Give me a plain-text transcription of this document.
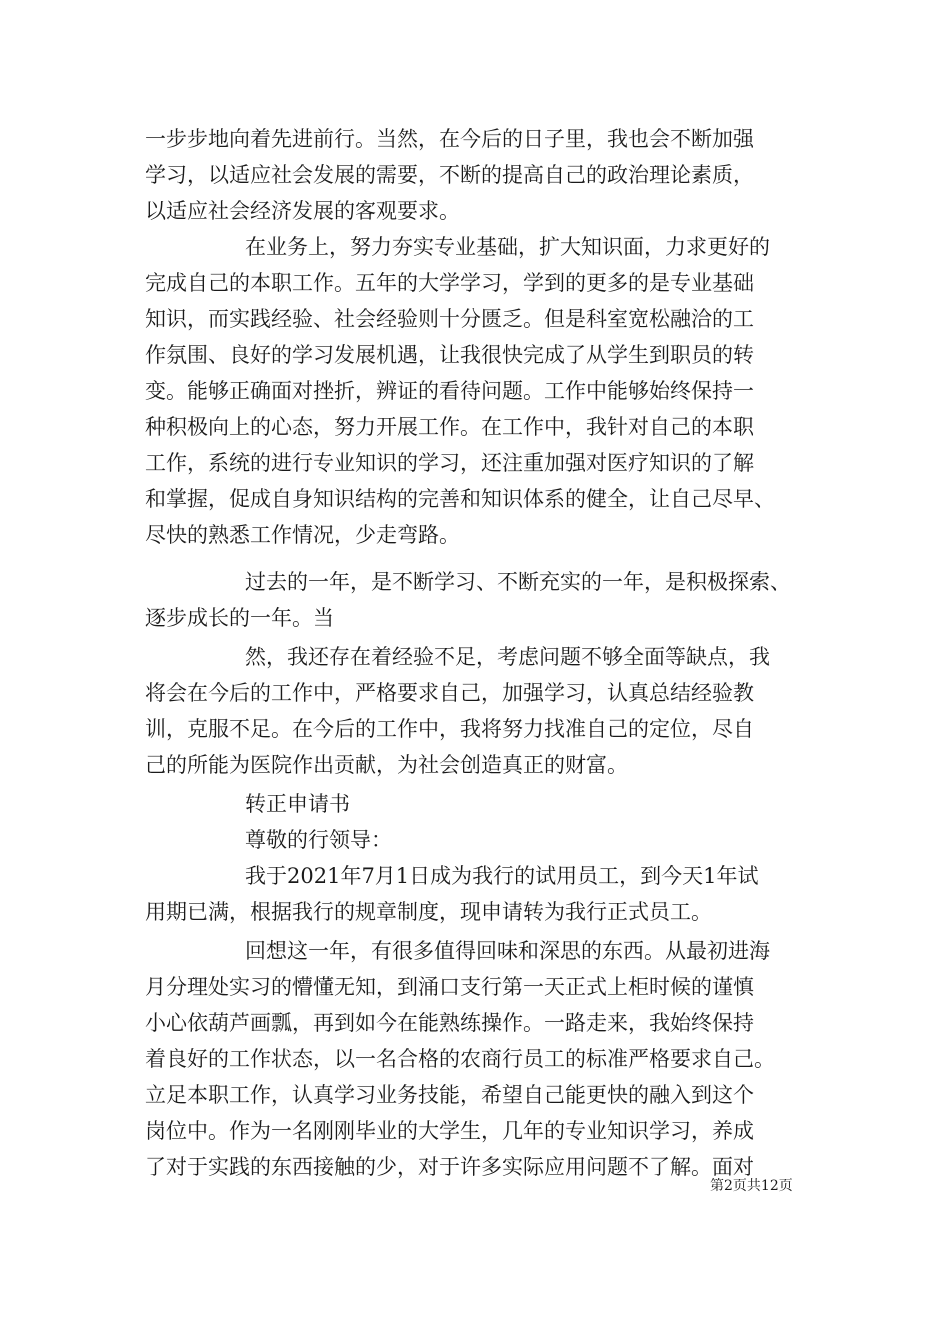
一步步地向着先进前行。当然，在今后的日子里，我也会不断加强
学习，以适应社会发展的需要，不断的提高自己的政治理论素质，
以适应社会经济发展的客观要求。
在业务上，努力夯实专业基础，扩大知识面，力求更好的
完成自己的本职工作。五年的大学学习，学到的更多的是专业基础
知识，而实践经验、社会经验则十分匮乏。但是科室宽松融洽的工
作氛围、良好的学习发展机遇，让我很快完成了从学生到职员的转
变。能够正确面对挫折，辨证的看待问题。工作中能够始终保持一
种积极向上的心态，努力开展工作。在工作中，我针对自己的本职
工作，系统的进行专业知识的学习，还注重加强对医疗知识的了解
和掌握，促成自身知识结构的完善和知识体系的健全，让自己尽早、
尽快的熟悉工作情况，少走弯路。
过去的一年，是不断学习、不断充实的一年，是积极探索、
逐步成长的一年。当
然，我还存在着经验不足，考虑问题不够全面等缺点，我
将会在今后的工作中，严格要求自己，加强学习，认真总结经验教
训，克服不足。在今后的工作中，我将努力找准自己的定位，尽自
己的所能为医院作出贡献，为社会创造真正的财富。
转正申请书
尊敬的行领导：
我于2021年7月1日成为我行的试用员工，到今天1年试
用期已满，根据我行的规章制度，现申请转为我行正式员工。
回想这一年，有很多值得回味和深思的东西。从最初进海
月分理处实习的懵懂无知，到涌口支行第一天正式上柜时候的谨慎
小心依葫芦画瓢，再到如今在能熟练操作。一路走来，我始终保持
着良好的工作状态，以一名合格的农商行员工的标准严格要求自己。
立足本职工作，认真学习业务技能，希望自己能更快的融入到这个
岗位中。作为一名刚刚毕业的大学生，几年的专业知识学习，养成
了对于实践的东西接触的少，对于许多实际应用问题不了解。面对
第2页共12页
